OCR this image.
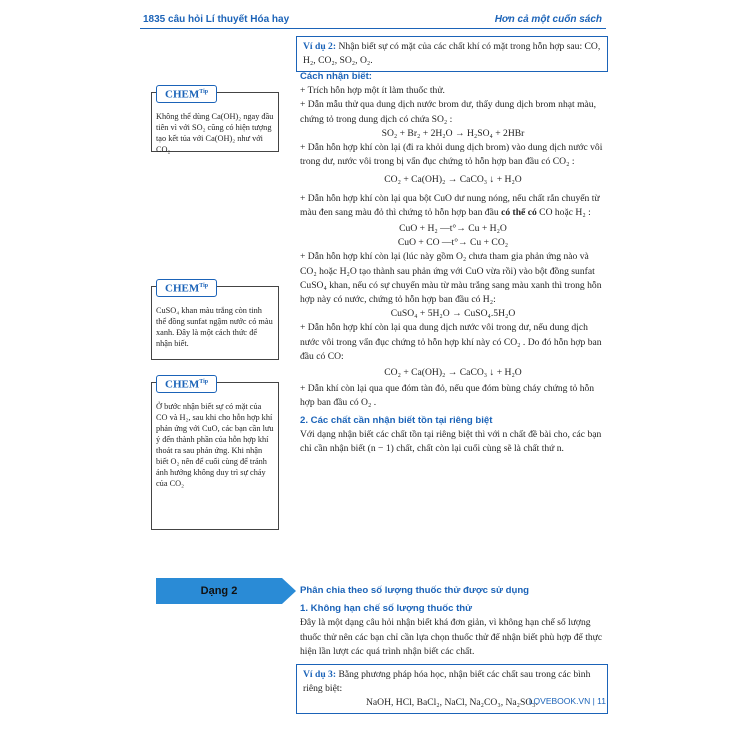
1835 câu hỏi Lí thuyết Hóa hay	Hơn cả một cuốn sách
$CHEM^{Tip}$
Không thể dùng Ca(OH)₂ ngay đầu tiên vì với SO₂ cũng có hiện tượng tạo kết tủa với Ca(OH)₂ như với CO₂
$CHEM^{Tip}$
CuSO₄ khan màu trắng còn tinh thể đồng sunfat ngậm nước có màu xanh. Đây là một cách thức để nhận biết.
$CHEM^{Tip}$
Ở bước nhận biết sự có mặt của CO và H₂, sau khi cho hỗn hợp khí phản ứng với CuO, các bạn cần lưu ý đến thành phần của hỗn hợp khí thoát ra sau phản ứng. Khi nhận biết O₂ nên để cuối cùng để tránh ảnh hưởng không duy trì sự cháy của CO₂
Ví dụ 2: Nhận biết sự có mặt của các chất khí có mặt trong hỗn hợp sau: CO, H₂, CO₂, SO₂, O₂.
Cách nhận biết:
+ Trích hỗn hợp một ít làm thuốc thử.
+ Dẫn mẫu thử qua dung dịch nước brom dư, thấy dung dịch brom nhạt màu, chứng tỏ trong dung dịch có chứa SO₂ :
SO₂ + Br₂ + 2H₂O → H₂SO₄ + 2HBr
+ Dẫn hỗn hợp khí còn lại (đi ra khỏi dung dịch brom) vào dung dịch nước vôi trong dư, nước vôi trong bị vẩn đục chứng tỏ hỗn hợp ban đầu có CO₂ :
CO₂ + Ca(OH)₂ → CaCO₃ ↓ + H₂O
+ Dẫn hỗn hợp khí còn lại qua bột CuO dư nung nóng, nếu chất rắn chuyển từ màu đen sang màu đỏ thì chứng tỏ hỗn hợp ban đầu có thể có CO hoặc H₂ :
CuO + H₂ —t°→ Cu + H₂O
CuO + CO —t°→ Cu + CO₂
+ Dẫn hỗn hợp khí còn lại (lúc này gồm O₂ chưa tham gia phản ứng nào và CO₂ hoặc H₂O tạo thành sau phản ứng với CuO vừa rồi) vào bột đồng sunfat CuSO₄ khan, nếu có sự chuyển màu từ màu trắng sang màu xanh thì trong hỗn hợp này có nước, chứng tỏ hỗn hợp ban đầu có H₂:
CuSO₄ + 5H₂O → CuSO₄.5H₂O
+ Dẫn hỗn hợp khí còn lại qua dung dịch nước vôi trong dư, nếu dung dịch nước vôi trong vẩn đục chứng tỏ hỗn hợp khí này có CO₂ . Do đó hỗn hợp ban đầu có CO:
CO₂ + Ca(OH)₂ → CaCO₃ ↓ + H₂O
+ Dẫn khí còn lại qua que đóm tàn đỏ, nếu que đóm bùng cháy chứng tỏ hỗn hợp ban đầu có O₂ .
2. Các chất cần nhận biết tồn tại riêng biệt
Với dạng nhận biết các chất tồn tại riêng biệt thì với n chất đề bài cho, các bạn chỉ cần nhận biết (n − 1) chất, chất còn lại cuối cùng sẽ là chất thứ n.
Dạng 2	Phân chia theo số lượng thuốc thử được sử dụng
1. Không hạn chế số lượng thuốc thử
Đây là một dạng câu hỏi nhận biết khá đơn giản, vì không hạn chế số lượng thuốc thử nên các bạn chỉ cần lựa chọn thuốc thử để nhận biết phù hợp để thực hiện lần lượt các quá trình nhận biết các chất.
Ví dụ 3: Bằng phương pháp hóa học, nhận biết các chất sau trong các bình riêng biệt:
NaOH, HCl, BaCl₂, NaCl, Na₂CO₃, Na₂SO₃.
LOVEBOOK.VN | 11
